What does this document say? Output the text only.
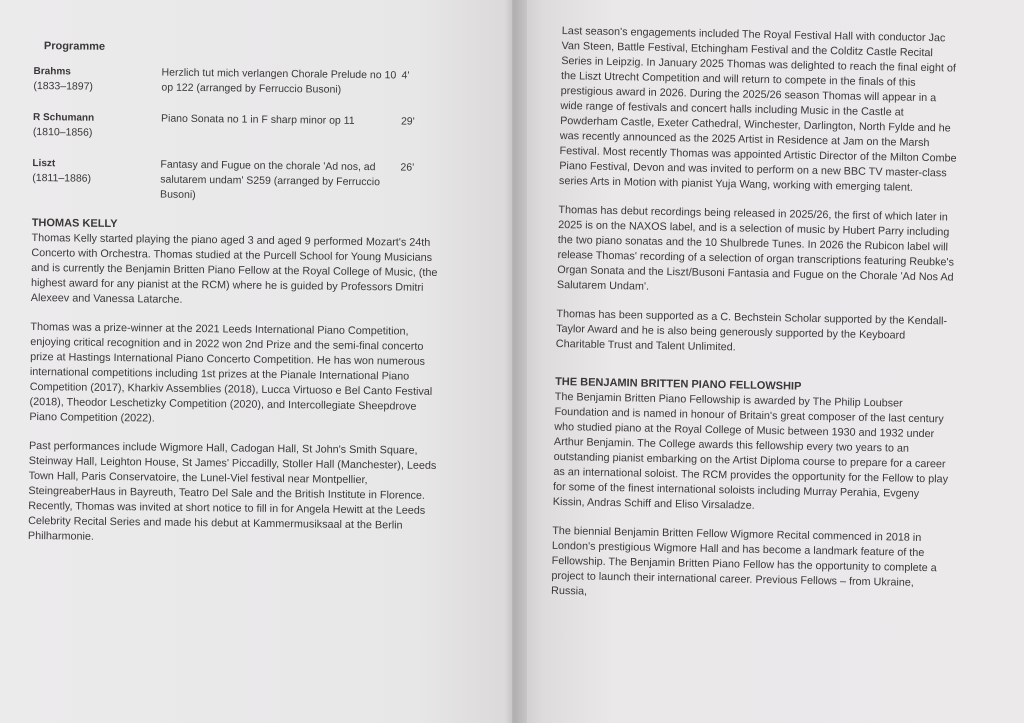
Programme
Brahms
(1833–1897)
Herzlich tut mich verlangen Chorale Prelude no 10 op 122 (arranged by Ferruccio Busoni)
4'
R Schumann
(1810–1856)
Piano Sonata no 1 in F sharp minor op 11	29'
Liszt
(1811–1886)
Fantasy and Fugue on the chorale 'Ad nos, ad salutarem undam' S259 (arranged by Ferruccio Busoni)
26'
THOMAS KELLY

Thomas Kelly started playing the piano aged 3 and aged 9 performed Mozart's 24th Concerto with Orchestra. Thomas studied at the Purcell School for Young Musicians and is currently the Benjamin Britten Piano Fellow at the Royal College of Music, (the highest award for any pianist at the RCM) where he is guided by Professors Dmitri Alexeev and Vanessa Latarche.

Thomas was a prize-winner at the 2021 Leeds International Piano Competition, enjoying critical recognition and in 2022 won 2nd Prize and the semi-final concerto prize at Hastings International Piano Concerto Competition. He has won numerous international competitions including 1st prizes at the Pianale International Piano Competition (2017), Kharkiv Assemblies (2018), Lucca Virtuoso e Bel Canto Festival (2018), Theodor Leschetizky Competition (2020), and Intercollegiate Sheepdrove Piano Competition (2022).

Past performances include Wigmore Hall, Cadogan Hall, St John's Smith Square, Steinway Hall, Leighton House, St James' Piccadilly, Stoller Hall (Manchester), Leeds Town Hall, Paris Conservatoire, the Lunel-Viel festival near Montpellier, SteingreaberHaus in Bayreuth, Teatro Del Sale and the British Institute in Florence. Recently, Thomas was invited at short notice to fill in for Angela Hewitt at the Leeds Celebrity Recital Series and made his debut at Kammermusiksaal at the Berlin Philharmonie.

Last season's engagements included The Royal Festival Hall with conductor Jac Van Steen, Battle Festival, Etchingham Festival and the Colditz Castle Recital Series in Leipzig. In January 2025 Thomas was delighted to reach the final eight of the Liszt Utrecht Competition and will return to compete in the finals of this prestigious award in 2026. During the 2025/26 season Thomas will appear in a wide range of festivals and concert halls including Music in the Castle at Powderham Castle, Exeter Cathedral, Winchester, Darlington, North Fylde and he was recently announced as the 2025 Artist in Residence at Jam on the Marsh Festival. Most recently Thomas was appointed Artistic Director of the Milton Combe Piano Festival, Devon and was invited to perform on a new BBC TV master-class series Arts in Motion with pianist Yuja Wang, working with emerging talent.

Thomas has debut recordings being released in 2025/26, the first of which later in 2025 is on the NAXOS label, and is a selection of music by Hubert Parry including the two piano sonatas and the 10 Shulbrede Tunes. In 2026 the Rubicon label will release Thomas' recording of a selection of organ transcriptions featuring Reubke's Organ Sonata and the Liszt/Busoni Fantasia and Fugue on the Chorale 'Ad Nos Ad Salutarem Undam'.

Thomas has been supported as a C. Bechstein Scholar supported by the Kendall-Taylor Award and he is also being generously supported by the Keyboard Charitable Trust and Talent Unlimited.

THE BENJAMIN BRITTEN PIANO FELLOWSHIP

The Benjamin Britten Piano Fellowship is awarded by The Philip Loubser Foundation and is named in honour of Britain's great composer of the last century who studied piano at the Royal College of Music between 1930 and 1932 under Arthur Benjamin. The College awards this fellowship every two years to an outstanding pianist embarking on the Artist Diploma course to prepare for a career as an international soloist. The RCM provides the opportunity for the Fellow to play for some of the finest international soloists including Murray Perahia, Evgeny Kissin, Andras Schiff and Eliso Virsaladze.

The biennial Benjamin Britten Fellow Wigmore Recital commenced in 2018 in London's prestigious Wigmore Hall and has become a landmark feature of the Fellowship. The Benjamin Britten Piano Fellow has the opportunity to complete a project to launch their international career. Previous Fellows – from Ukraine, Russia,
